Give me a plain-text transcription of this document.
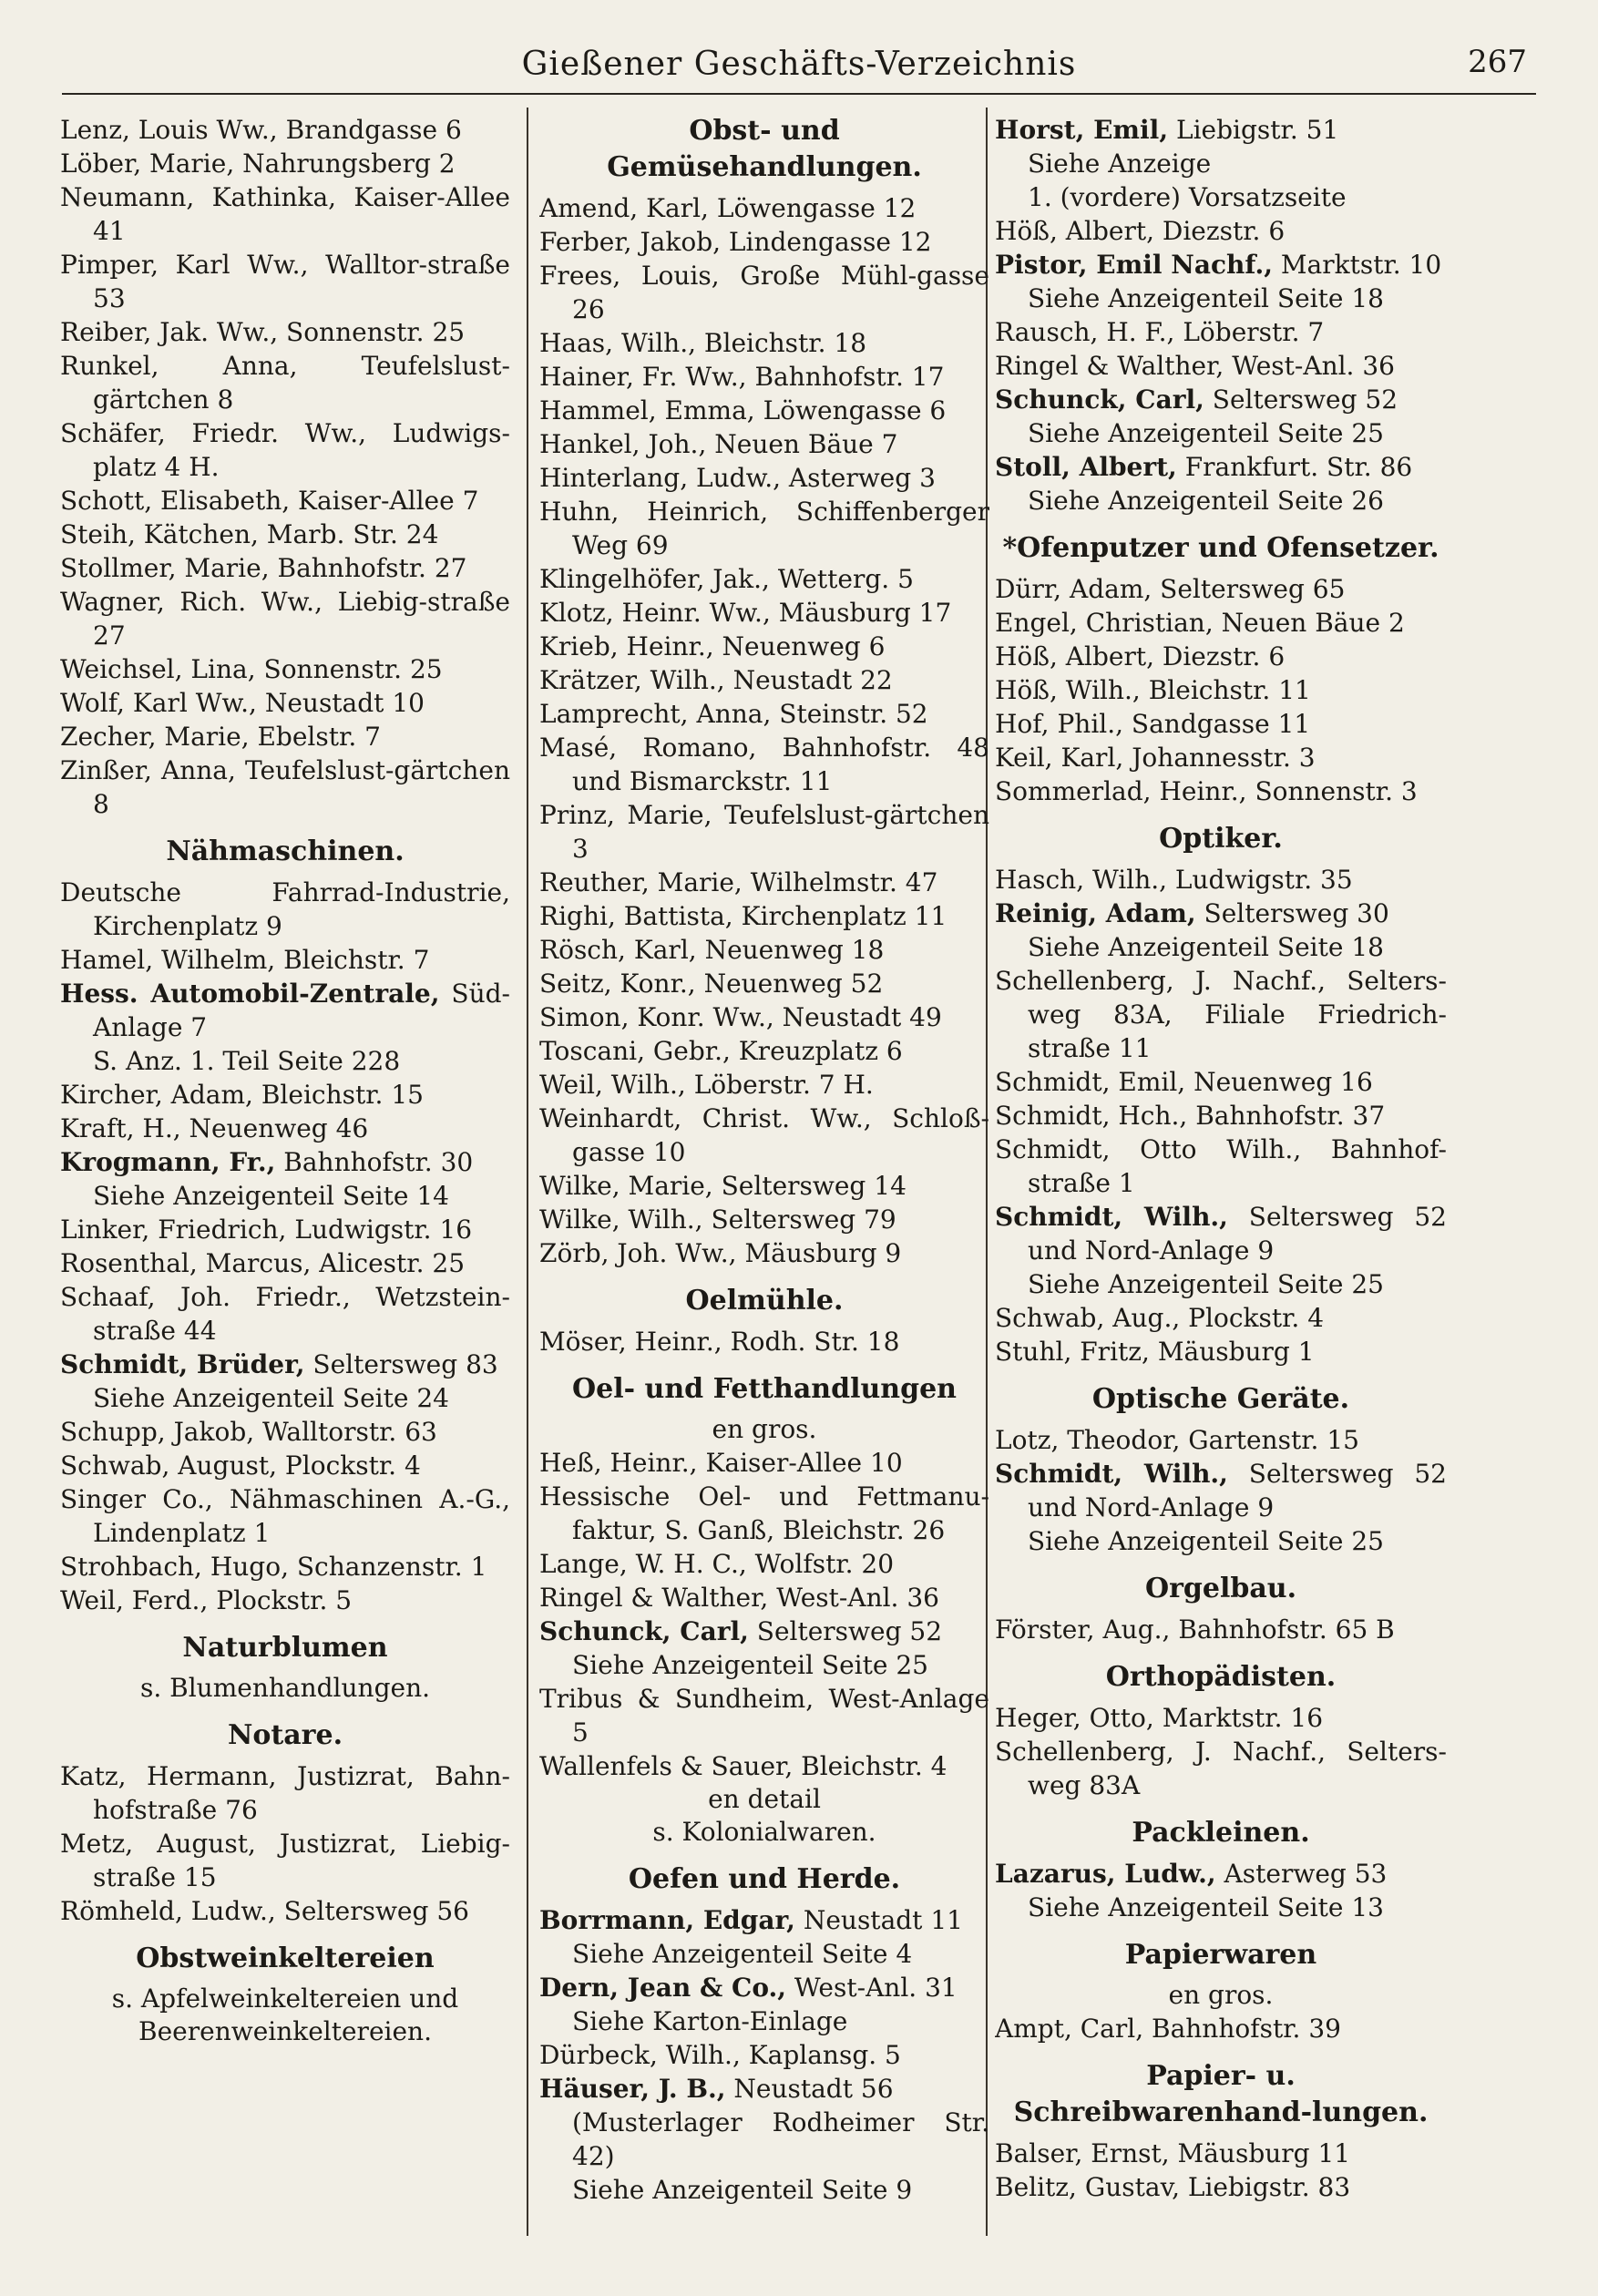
Gießener Geschäfts-Verzeichnis	267
Lenz, Louis Ww., Brandgasse 6
Löber, Marie, Nahrungsberg 2
Neumann, Kathinka, Kaiser-Allee 41
Pimper, Karl Ww., Walltor-straße 53
Reiber, Jak. Ww., Sonnenstr. 25
Runkel, Anna, Teufelslust-gärtchen 8
Schäfer, Friedr. Ww., Ludwigs-platz 4 H.
Schott, Elisabeth, Kaiser-Allee 7
Steih, Kätchen, Marb. Str. 24
Stollmer, Marie, Bahnhofstr. 27
Wagner, Rich. Ww., Liebig-straße 27
Weichsel, Lina, Sonnenstr. 25
Wolf, Karl Ww., Neustadt 10
Zecher, Marie, Ebelstr. 7
Zinßer, Anna, Teufelslust-gärtchen 8
Nähmaschinen.
Deutsche Fahrrad-Industrie, Kirchenplatz 9
Hamel, Wilhelm, Bleichstr. 7
Hess. Automobil-Zentrale, Süd-Anlage 7
S. Anz. 1. Teil Seite 228
Kircher, Adam, Bleichstr. 15
Kraft, H., Neuenweg 46
Krogmann, Fr., Bahnhofstr. 30
Siehe Anzeigenteil Seite 14
Linker, Friedrich, Ludwigstr. 16
Rosenthal, Marcus, Alicestr. 25
Schaaf, Joh. Friedr., Wetzstein-straße 44
Schmidt, Brüder, Seltersweg 83
Siehe Anzeigenteil Seite 24
Schupp, Jakob, Walltorstr. 63
Schwab, August, Plockstr. 4
Singer Co., Nähmaschinen A.-G., Lindenplatz 1
Strohbach, Hugo, Schanzenstr. 1
Weil, Ferd., Plockstr. 5
Naturblumen
s. Blumenhandlungen.
Notare.
Katz, Hermann, Justizrat, Bahn-hofstraße 76
Metz, August, Justizrat, Liebig-straße 15
Römheld, Ludw., Seltersweg 56
Obstweinkeltereien
s. Apfelweinkeltereien und Beerenweinkeltereien.
Obst- und Gemüsehandlungen.
Amend, Karl, Löwengasse 12
Ferber, Jakob, Lindengasse 12
Frees, Louis, Große Mühl-gasse 26
Haas, Wilh., Bleichstr. 18
Hainer, Fr. Ww., Bahnhofstr. 17
Hammel, Emma, Löwengasse 6
Hankel, Joh., Neuen Bäue 7
Hinterlang, Ludw., Asterweg 3
Huhn, Heinrich, Schiffenberger Weg 69
Klingelhöfer, Jak., Wetterg. 5
Klotz, Heinr. Ww., Mäusburg 17
Krieb, Heinr., Neuenweg 6
Krätzer, Wilh., Neustadt 22
Lamprecht, Anna, Steinstr. 52
Masé, Romano, Bahnhofstr. 48 und Bismarckstr. 11
Prinz, Marie, Teufelslust-gärtchen 3
Reuther, Marie, Wilhelmstr. 47
Righi, Battista, Kirchenplatz 11
Rösch, Karl, Neuenweg 18
Seitz, Konr., Neuenweg 52
Simon, Konr. Ww., Neustadt 49
Toscani, Gebr., Kreuzplatz 6
Weil, Wilh., Löberstr. 7 H.
Weinhardt, Christ. Ww., Schloß-gasse 10
Wilke, Marie, Seltersweg 14
Wilke, Wilh., Seltersweg 79
Zörb, Joh. Ww., Mäusburg 9
Oelmühle.
Möser, Heinr., Rodh. Str. 18
Oel- und Fetthandlungen
en gros.
Heß, Heinr., Kaiser-Allee 10
Hessische Oel- und Fettmanu-faktur, S. Ganß, Bleichstr. 26
Lange, W. H. C., Wolfstr. 20
Ringel & Walther, West-Anl. 36
Schunck, Carl, Seltersweg 52
Siehe Anzeigenteil Seite 25
Tribus & Sundheim, West-Anlage 5
Wallenfels & Sauer, Bleichstr. 4
en detail
s. Kolonialwaren.
Oefen und Herde.
Borrmann, Edgar, Neustadt 11
Siehe Anzeigenteil Seite 4
Dern, Jean & Co., West-Anl. 31
Siehe Karton-Einlage
Dürbeck, Wilh., Kaplansg. 5
Häuser, J. B., Neustadt 56
(Musterlager Rodheimer Str. 42)
Siehe Anzeigenteil Seite 9
Horst, Emil, Liebigstr. 51
Siehe Anzeige
1. (vordere) Vorsatzseite
Höß, Albert, Diezstr. 6
Pistor, Emil Nachf., Marktstr. 10
Siehe Anzeigenteil Seite 18
Rausch, H. F., Löberstr. 7
Ringel & Walther, West-Anl. 36
Schunck, Carl, Seltersweg 52
Siehe Anzeigenteil Seite 25
Stoll, Albert, Frankfurt. Str. 86
Siehe Anzeigenteil Seite 26
*Ofenputzer und Ofensetzer.
Dürr, Adam, Seltersweg 65
Engel, Christian, Neuen Bäue 2
Höß, Albert, Diezstr. 6
Höß, Wilh., Bleichstr. 11
Hof, Phil., Sandgasse 11
Keil, Karl, Johannesstr. 3
Sommerlad, Heinr., Sonnenstr. 3
Optiker.
Hasch, Wilh., Ludwigstr. 35
Reinig, Adam, Seltersweg 30
Siehe Anzeigenteil Seite 18
Schellenberg, J. Nachf., Selters-weg 83A, Filiale Friedrich-straße 11
Schmidt, Emil, Neuenweg 16
Schmidt, Hch., Bahnhofstr. 37
Schmidt, Otto Wilh., Bahnhof-straße 1
Schmidt, Wilh., Seltersweg 52 und Nord-Anlage 9
Siehe Anzeigenteil Seite 25
Schwab, Aug., Plockstr. 4
Stuhl, Fritz, Mäusburg 1
Optische Geräte.
Lotz, Theodor, Gartenstr. 15
Schmidt, Wilh., Seltersweg 52 und Nord-Anlage 9
Siehe Anzeigenteil Seite 25
Orgelbau.
Förster, Aug., Bahnhofstr. 65 B
Orthopädisten.
Heger, Otto, Marktstr. 16
Schellenberg, J. Nachf., Selters-weg 83A
Packleinen.
Lazarus, Ludw., Asterweg 53
Siehe Anzeigenteil Seite 13
Papierwaren
en gros.
Ampt, Carl, Bahnhofstr. 39
Papier- u. Schreibwarenhand-lungen.
Balser, Ernst, Mäusburg 11
Belitz, Gustav, Liebigstr. 83
